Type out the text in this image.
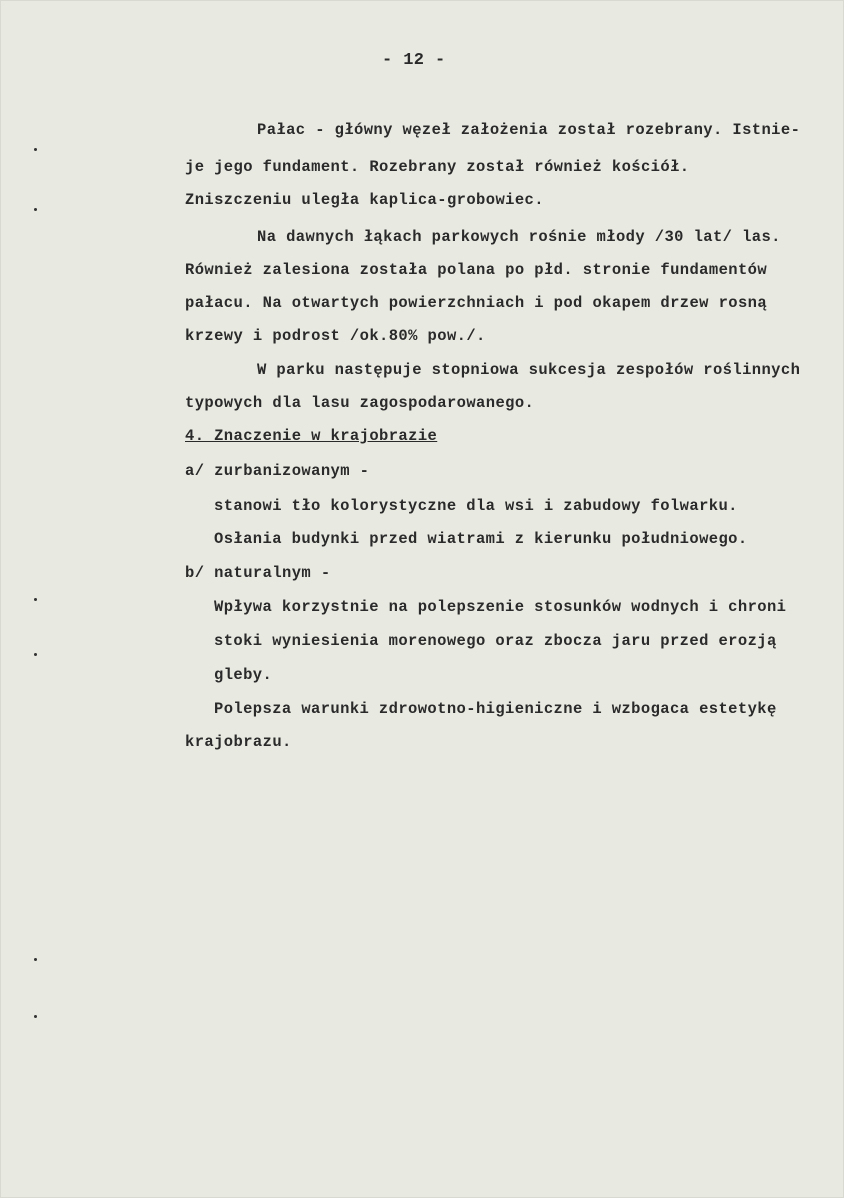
- 12 -
Pałac - główny węzeł założenia został rozebrany. Istnie-
je jego fundament. Rozebrany został również kościół.
Zniszczeniu uległa kaplica-grobowiec.
Na dawnych łąkach parkowych rośnie młody /30 lat/ las.
Również zalesiona została polana po płd. stronie fundamentów
pałacu. Na otwartych powierzchniach i pod okapem drzew rosną
krzewy i podrost /ok.80% pow./.
W parku następuje stopniowa sukcesja zespołów roślinnych
typowych dla lasu zagospodarowanego.
4. Znaczenie w krajobrazie
a/ zurbanizowanym -
stanowi tło kolorystyczne dla wsi i zabudowy folwarku.
Osłania budynki przed wiatrami z kierunku południowego.
b/ naturalnym -
Wpływa korzystnie na polepszenie stosunków wodnych i chroni
stoki wyniesienia morenowego oraz zbocza jaru przed erozją
gleby.
Polepsza warunki zdrowotno-higieniczne i wzbogaca estetykę
krajobrazu.
